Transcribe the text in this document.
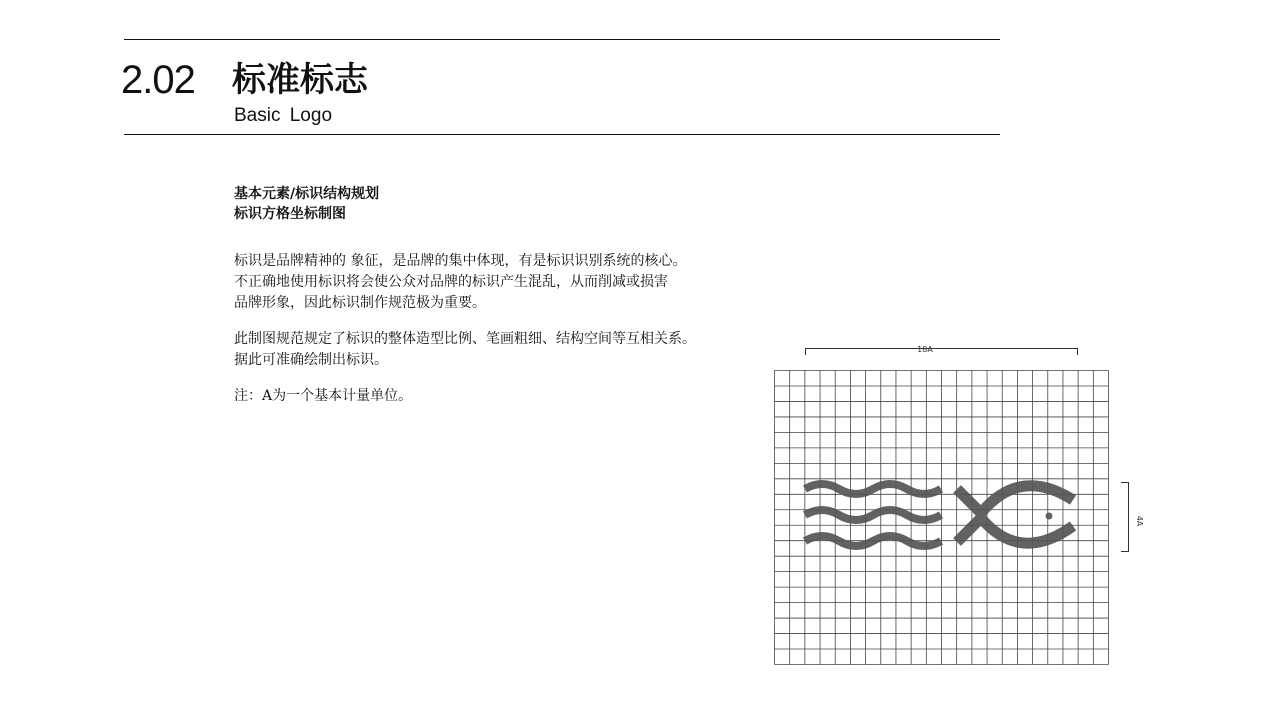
2.02 标准标志
Basic Logo
基本元素/标识结构规划
标识方格坐标制图

标识是品牌精神的 象征，是品牌的集中体现，有是标识识别系统的核心。

不正确地使用标识将会使公众对品牌的标识产生混乱，从而削减或损害

品牌形象，因此标识制作规范极为重要。

此制图规范规定了标识的整体造型比例、笔画粗细、结构空间等互相关系。

据此可准确绘制出标识。

注：A为一个基本计量单位。

18A
4A
